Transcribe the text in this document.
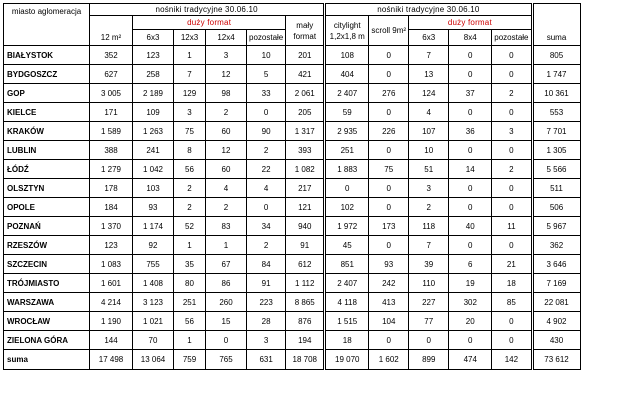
miasto aglomeracja	nośniki tradycyjne 30.06.10						nośniki tradycyjne 30.06.10					suma
	12 m²	duży format				mały format	citylight 1,2x1,8 m	scroll 9m²	duży format			
		6x3	12x3	12x4	pozostałe				6x3	8x4	pozostałe	
BIAŁYSTOK	352	123	1	3	10	201	108	0	7	0	0	805
BYDGOSZCZ	627	258	7	12	5	421	404	0	13	0	0	1 747
GOP	3 005	2 189	129	98	33	2 061	2 407	276	124	37	2	10 361
KIELCE	171	109	3	2	0	205	59	0	4	0	0	553
KRAKÓW	1 589	1 263	75	60	90	1 317	2 935	226	107	36	3	7 701
LUBLIN	388	241	8	12	2	393	251	0	10	0	0	1 305
ŁÓDŹ	1 279	1 042	56	60	22	1 082	1 883	75	51	14	2	5 566
OLSZTYN	178	103	2	4	4	217	0	0	3	0	0	511
OPOLE	184	93	2	2	0	121	102	0	2	0	0	506
POZNAŃ	1 370	1 174	52	83	34	940	1 972	173	118	40	11	5 967
RZESZÓW	123	92	1	1	2	91	45	0	7	0	0	362
SZCZECIN	1 083	755	35	67	84	612	851	93	39	6	21	3 646
TRÓJMIASTO	1 601	1 408	80	86	91	1 112	2 407	242	110	19	18	7 169
WARSZAWA	4 214	3 123	251	260	223	8 865	4 118	413	227	302	85	22 081
WROCŁAW	1 190	1 021	56	15	28	876	1 515	104	77	20	0	4 902
ZIELONA GÓRA	144	70	1	0	3	194	18	0	0	0	0	430
suma	17 498	13 064	759	765	631	18 708	19 070	1 602	899	474	142	73 612
